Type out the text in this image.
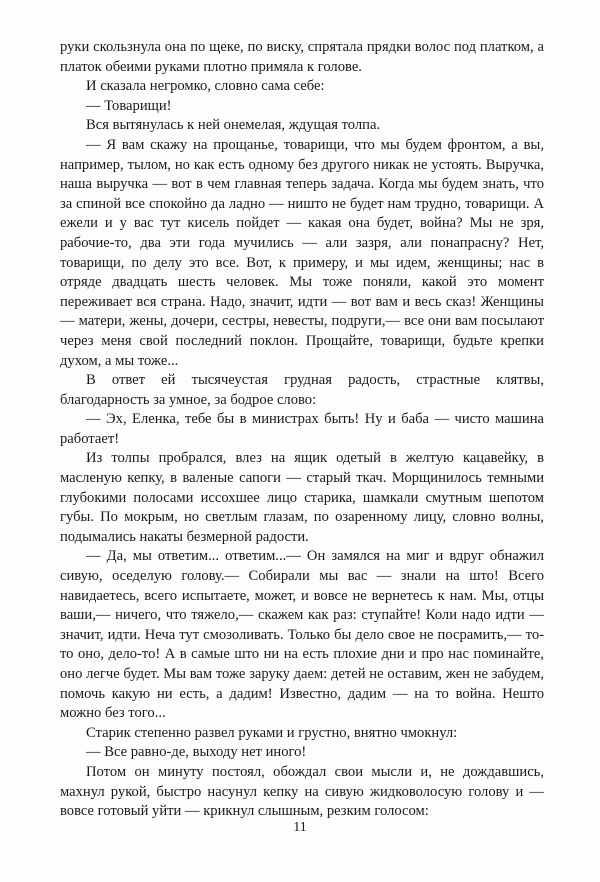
руки скользнула она по щеке, по виску, спрятала прядки волос под платком, а платок обеими руками плотно примяла к голове.

И сказала негромко, словно сама себе:

— Товарищи!

Вся вытянулась к ней онемелая, ждущая толпа.

— Я вам скажу на прощанье, товарищи, что мы будем фронтом, а вы, например, тылом, но как есть одному без другого никак не устоять. Выручка, наша выручка — вот в чем главная теперь задача. Когда мы будем знать, что за спиной все спокойно да ладно — ништо не будет нам трудно, товарищи. А ежели и у вас тут кисель пойдет — какая она будет, война? Мы не зря, рабочие-то, два эти года мучились — али зазря, али понапрасну? Нет, товарищи, по делу это все. Вот, к примеру, и мы идем, женщины; нас в отряде двадцать шесть человек. Мы тоже поняли, какой это момент переживает вся страна. Надо, значит, идти — вот вам и весь сказ! Женщины — матери, жены, дочери, сестры, невесты, подруги,— все они вам посылают через меня свой последний поклон. Прощайте, товарищи, будьте крепки духом, а мы тоже...

В ответ ей тысячеустая грудная радость, страстные клятвы, благодарность за умное, за бодрое слово:

— Эх, Еленка, тебе бы в министрах быть! Ну и баба — чисто машина работает!

Из толпы пробрался, влез на ящик одетый в желтую кацавейку, в масленую кепку, в валеные сапоги — старый ткач. Морщинилось темными глубокими полосами иссохшее лицо старика, шамкали смутным шепотом губы. По мокрым, но светлым глазам, по озаренному лицу, словно волны, подымались накаты безмерной радости.

— Да, мы ответим... ответим...— Он замялся на миг и вдруг обнажил сивую, оседелую голову.— Собирали мы вас — знали на што! Всего навидаетесь, всего испытаете, может, и вовсе не вернетесь к нам. Мы, отцы ваши,— ничего, что тяжело,— скажем как раз: ступайте! Коли надо идти — значит, идти. Неча тут смозоливать. Только бы дело свое не посрамить,— то-то оно, дело-то! А в самые што ни на есть плохие дни и про нас поминайте, оно легче будет. Мы вам тоже заруку даем: детей не оставим, жен не забудем, помочь какую ни есть, а дадим! Известно, дадим — на то война. Нешто можно без того...

Старик степенно развел руками и грустно, внятно чмокнул:

— Все равно-де, выходу нет иного!

Потом он минуту постоял, обождал свои мысли и, не дождавшись, махнул рукой, быстро насунул кепку на сивую жидковолосую голову и — вовсе готовый уйти — крикнул слышным, резким голосом:

11
